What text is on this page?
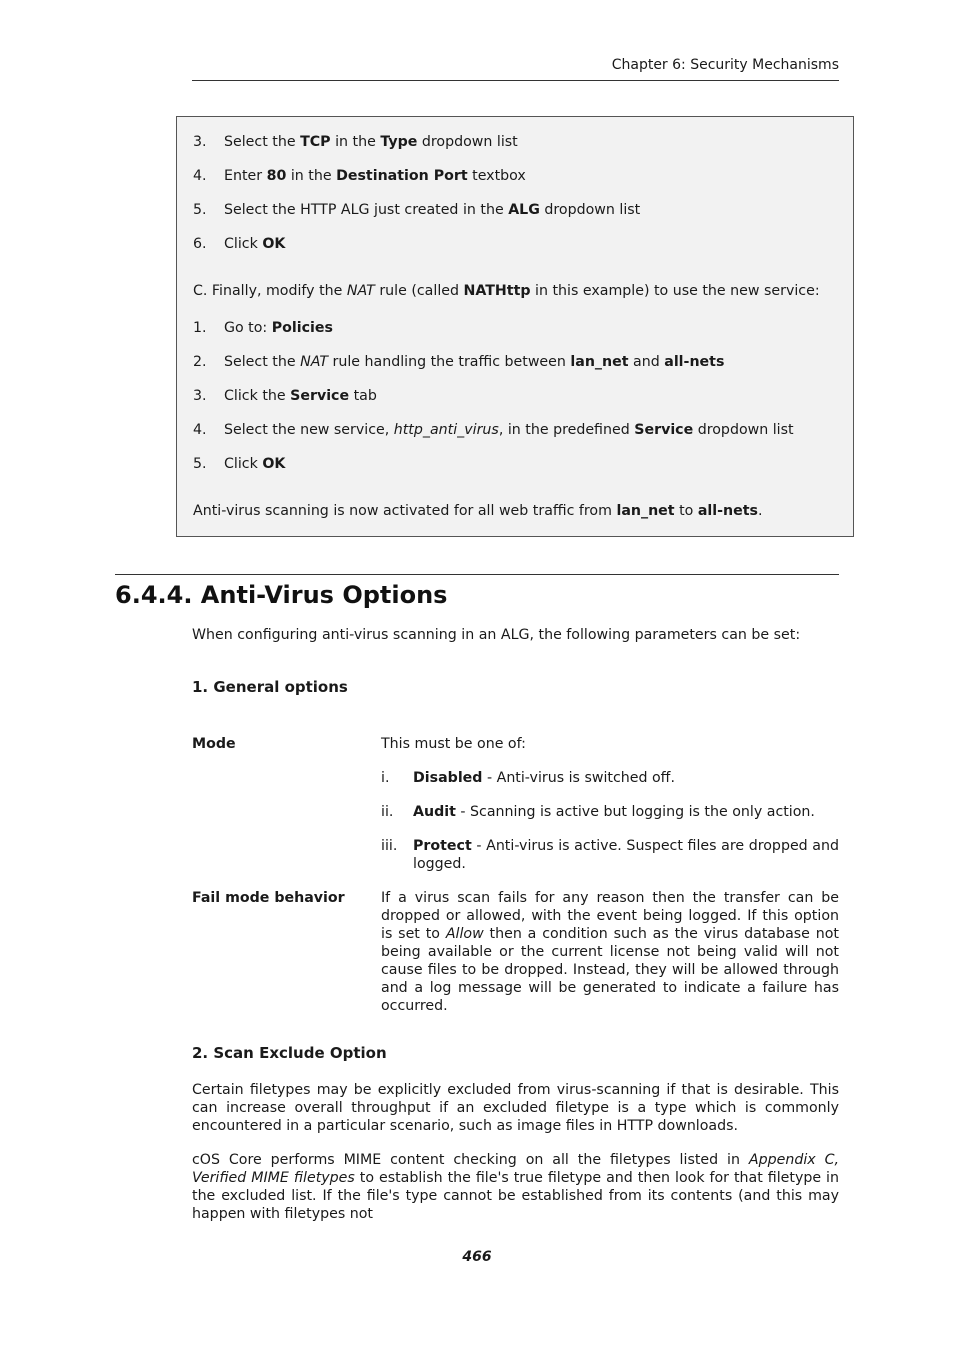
Chapter 6: Security Mechanisms
3. Select the TCP in the Type dropdown list
4. Enter 80 in the Destination Port textbox
5. Select the HTTP ALG just created in the ALG dropdown list
6. Click OK
C. Finally, modify the NAT rule (called NATHttp in this example) to use the new service:
1. Go to: Policies
2. Select the NAT rule handling the traffic between lan_net and all-nets
3. Click the Service tab
4. Select the new service, http_anti_virus, in the predefined Service dropdown list
5. Click OK
Anti-virus scanning is now activated for all web traffic from lan_net to all-nets.
6.4.4. Anti-Virus Options
When configuring anti-virus scanning in an ALG, the following parameters can be set:
1. General options
Mode	This must be one of:
i. Disabled - Anti-virus is switched off.
ii. Audit - Scanning is active but logging is the only action.
iii. Protect - Anti-virus is active. Suspect files are dropped and logged.
Fail mode behavior	If a virus scan fails for any reason then the transfer can be dropped or allowed, with the event being logged. If this option is set to Allow then a condition such as the virus database not being available or the current license not being valid will not cause files to be dropped. Instead, they will be allowed through and a log message will be generated to indicate a failure has occurred.
2. Scan Exclude Option
Certain filetypes may be explicitly excluded from virus-scanning if that is desirable. This can increase overall throughput if an excluded filetype is a type which is commonly encountered in a particular scenario, such as image files in HTTP downloads.
cOS Core performs MIME content checking on all the filetypes listed in Appendix C, Verified MIME filetypes to establish the file's true filetype and then look for that filetype in the excluded list. If the file's type cannot be established from its contents (and this may happen with filetypes not
466
